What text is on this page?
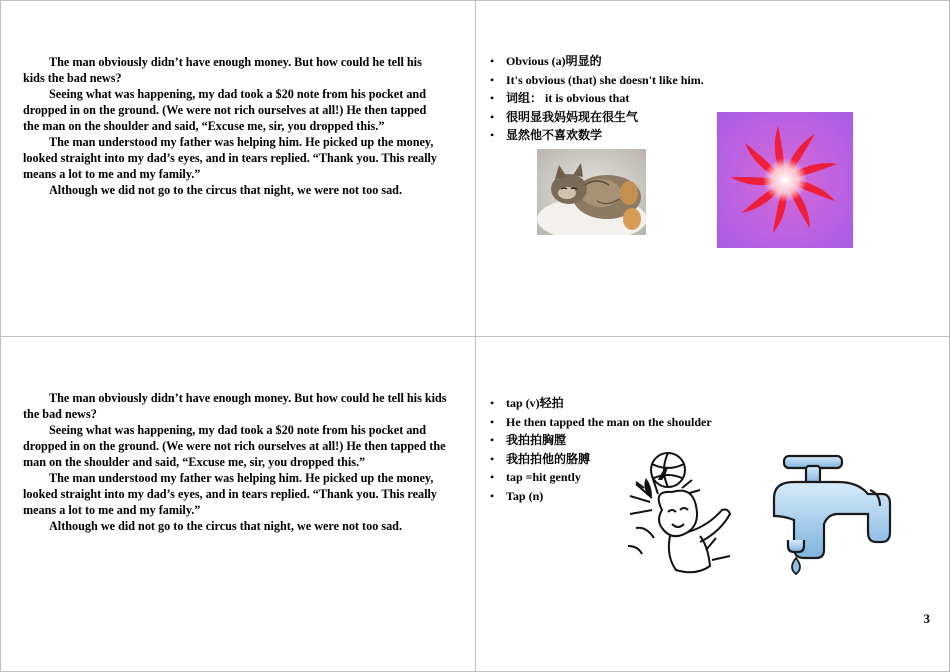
The man obviously didn’t have enough money. But how could he tell his kids the bad news?

Seeing what was happening, my dad took a $20 note from his pocket and dropped in on the ground. (We were not rich ourselves at all!) He then tapped the man on the shoulder and said, “Excuse me, sir, you dropped this.”

The man understood my father was helping him. He picked up the money, looked straight into my dad’s eyes, and in tears replied. “Thank you. This really means a lot to me and my family.”

Although we did not go to the circus that night, we were not too sad.

• Obvious (a)明显的
• It's obvious (that) she doesn't like him.
• 词组： it is obvious that
• 很明显我妈妈现在很生气
• 显然他不喜欢数学

The man obviously didn’t have enough money. But how could he tell his kids the bad news?

Seeing what was happening, my dad took a $20 note from his pocket and dropped in on the ground. (We were not rich ourselves at all!) He then tapped the man on the shoulder and said, “Excuse me, sir, you dropped this.”

The man understood my father was helping him. He picked up the money, looked straight into my dad’s eyes, and in tears replied. “Thank you. This really means a lot to me and my family.”

Although we did not go to the circus that night, we were not too sad.

• tap (v)轻拍
• He then tapped the man on the shoulder
• 我拍拍胸膛
• 我拍拍他的胳膊
• tap =hit gently
• Tap (n)
3
